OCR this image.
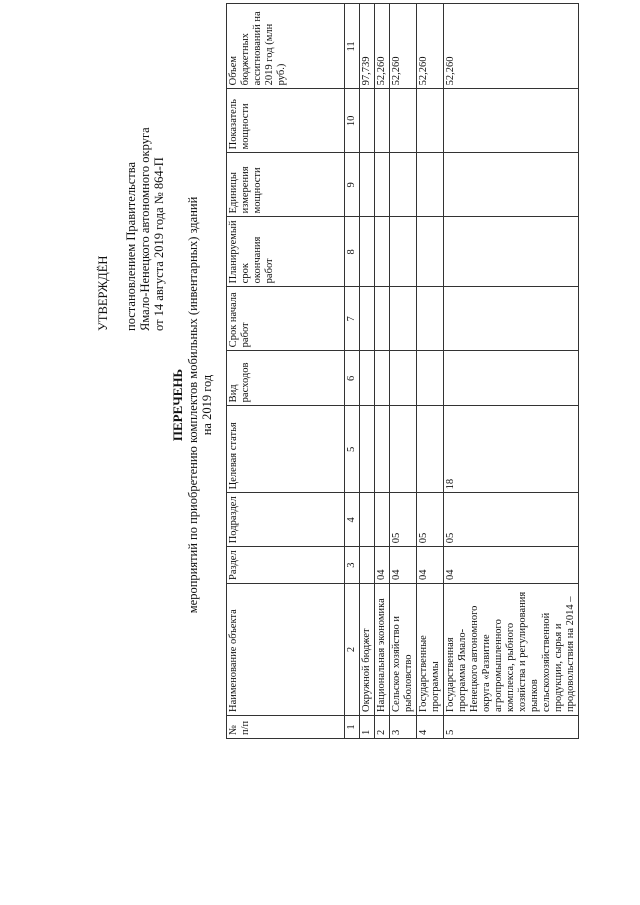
УТВЕРЖДЁН постановлением Правительства Ямало-Ненецкого автономного округа от 14 августа 2019 года № 864-П
ПЕРЕЧЕНЬ мероприятий по приобретению комплектов мобильных (инвентарных) зданий на 2019 год
№ п/п	Наименование объекта	Раздел	Подраздел	Целевая статья	Вид расходов	Срок начала работ	Планируемый срок окончания работ	Единицы измерения мощности	Показатель мощности	Объем бюджетных ассигнований на 2019 год (млн руб.)
1	2	3	4	5	6	7	8	9	10	11
1	Окружной бюджет									97,739
2	Национальная экономика	04								52,260
3	Сельское хозяйство и рыболовство	04	05							52,260
4	Государственные программы	04	05							52,260
5	Государственная программа Ямало-Ненецкого автономного округа «Развитие агропромышленного комплекса, рыбного хозяйства и регулирования рынков сельскохозяйственной продукции, сырья и продовольствия на 2014 –	04	05	18						52,260
